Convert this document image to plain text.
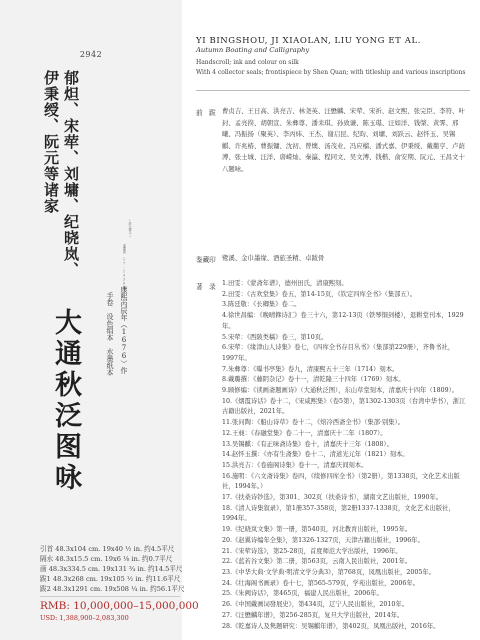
2942
郁炟、宋荦、刘墉、纪晓岚、
伊秉绶、阮元等诸家
(部分釋文)
嘉慶款 17-1930年)
大通秋泛图咏	康熙丙辰年（1676）作
手卷　设色绢本　水墨纸本
引首 48.3x104 cm. 19x40 ½ in. 约4.5平尺
隔水 48.3x15.5 cm. 19x6 ⅛ in. 约0.7平尺
画 48.3x334.5 cm. 19x131 ¾ in. 约14.5平尺
跋1 48.3x268 cm. 19x105 ½ in. 约11.6平尺
跋2 48.3x1291 cm. 19x508 ¼ in. 约56.1平尺
RMB: 10,000,000–15,000,000
USD: 1,388,900–2,083,300
YI BINGSHOU, JI XIAOLAN, LIU YONG ET AL.
Autumn Boating and Calligraphy
Handscroll; ink and colour on silk
With 4 collector seals; frontispiece by Shen Quan; with titleship and various inscriptions
前　跋 曹贞吉、王日高、洪亮吉、林尧英、汪懋麟、宋荦、宋祈、赵文熙、张完臣、李符、叶封、孟亮揆、胡朝宣、朱彝尊、潘耒琪、孙致谦、陈玉璂、汪如洋、钱棨、黄霁、邢曦、冯振扬（聚英）、李丙炜、王杰、谢启昆、纪昀、刘墉、刘跃云、赵怀玉、吴锡麒、许兆椿、曹振镛、沈初、曾燠、汤茂业、冯应榴、潘式嘉、伊秉绶、戴衢亨、卢荫溥、张士城、汪洋、唐嵘灿、秦瀛、程同文、吴文溥、钱楷、俞安期、阮元、王昌文十八题咏。
鉴藏印 鹭溪、金巾墨缘、酒旅圣精、卓跋骨
著　录 1.田雯：《蒙斋年谱》，德州田氏，清康熙刻。
2.田雯：《古欢堂集》卷五，第14-15页，《钦定四库全书》（集部五）。
3.陈廷敬：《长卿集》卷二。
4.徐世昌编：《晚晴簃诗汇》卷三十六，第12-13页（铁琴铜剑楼），退耕堂刊本，1929年。
5.宋荦：《西陂类稿》卷三，第10页。
6.宋荦：《缘津山人诗集》卷七，《四库全书存目丛书》（集部第229册），齐鲁书社，1997年。
7.朱彝尊：《曝书亭集》卷九，清康熙五十三年（1714）刻本。
8.戴璐撰：《藤阴杂记》卷十一，清乾隆三十四年（1769）刻本。
9.顾修编：《读画斋题画诗》（大通秋泛图），东山草堂刻本，清嘉庆十四年（1809）。
10.《烟霞诗话》卷十二，《宋咸熙集》（卷5第），第1302-1303页（台湾中华书），浙江古籍出版社，2021年。
11.张问陶：《船山诗草》卷十二，《焙冷西斋全书》（集部·别集）。
12.王昶：《春融堂集》卷二十一，清嘉庆十二年（1807）。
13.吴锡麒：《有正味斋诗集》卷十，清嘉庆十三年（1808）。
14.赵怀玉撰：《亦有生斋集》卷十二，清道光元年（1821）刻本。
15.洪亮吉：《卷施阁诗集》卷十一，清嘉庆间刻本。
16.施明：《六文斋诗集》卷四，《续修四库全书》（第2册），第1338页，文化艺术出版社，1994年。）
17.《扶桑诗钞选》，第301、302页（扶桑诗书），湖南文艺出版社，1990年。
18.《清人诗集叙录》，第1册357-358页，第2册1337-1338页，文化艺术出版社，1994年。
19.《纪晓岚文集》第一册，第540页，河北教育出版社，1995年。
20.《赵翼诗编年全集》，第1326-1327页，天津古籍出版社，1996年。
21.《宋荦诗选》，第25-28页，首度师范大学出版社，1996年。
22.《蓝若谷文集》第二册，第563页，云南人民出版社，2001年。
23.《中华大典·文学典·明清文学分典3》，第768页，凤凰出版社，2005年。
24.《壮海阁书画录》卷十七，第565-579页，学苑出版社，2006年。
25.《朱阙诗话》，第465页，福建人民出版社，2006年。
26.《中国戴画词發展史》，第434页，辽宁人民出版社，2010年。
27.《汪懋麟年谱》，第256-285页，复旦大学出版社，2014年。
28.《乾嘉诗人及隽题研究：吴锡麒年谱》，第402页，凤凰出版社，2016年。
